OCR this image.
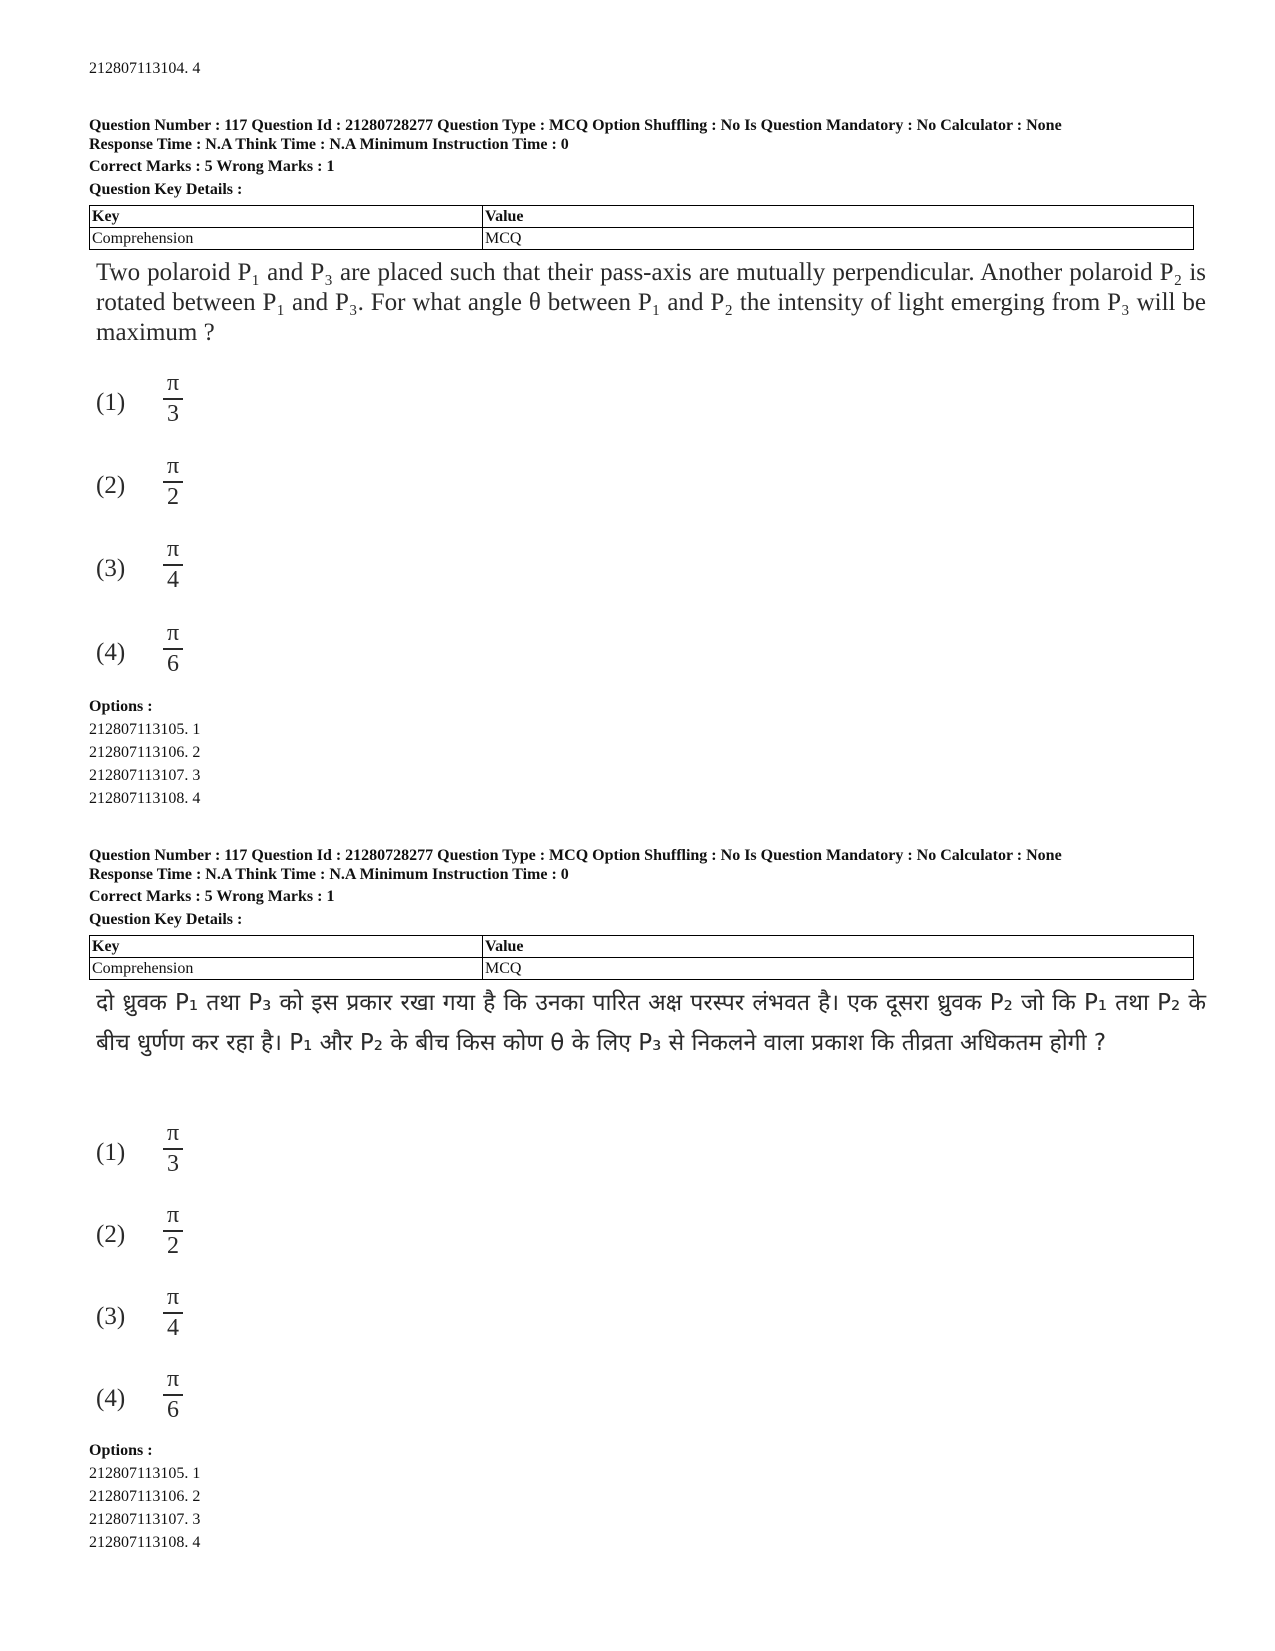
212807113104. 4
Question Number : 117 Question Id : 21280728277 Question Type : MCQ Option Shuffling : No Is Question Mandatory : No Calculator : None
Response Time : N.A Think Time : N.A Minimum Instruction Time : 0
Correct Marks : 5 Wrong Marks : 1
Question Key Details :
Key	Value
Comprehension	MCQ
Two polaroid P₁ and P₃ are placed such that their pass-axis are mutually perpendicular. Another polaroid P₂ is rotated between P₁ and P₃. For what angle θ between P₁ and P₂ the intensity of light emerging from P₃ will be maximum ?
(1)
π
3
(2)
π
2
(3)
π
4
(4)
π
6
Options :
212807113105. 1
212807113106. 2
212807113107. 3
212807113108. 4
Question Number : 117 Question Id : 21280728277 Question Type : MCQ Option Shuffling : No Is Question Mandatory : No Calculator : None
Response Time : N.A Think Time : N.A Minimum Instruction Time : 0
Correct Marks : 5 Wrong Marks : 1
Question Key Details :
Key	Value
Comprehension	MCQ
दो ध्रुवक P₁ तथा P₃ को इस प्रकार रखा गया है कि उनका पारित अक्ष परस्पर लंभवत है। एक दूसरा ध्रुवक P₂ जो कि P₁ तथा P₂ के बीच धुर्णण कर रहा है। P₁ और P₂ के बीच किस कोण θ के लिए P₃ से निकलने वाला प्रकाश कि तीव्रता अधिकतम होगी ?
(1)
π
3
(2)
π
2
(3)
π
4
(4)
π
6
Options :
212807113105. 1
212807113106. 2
212807113107. 3
212807113108. 4
